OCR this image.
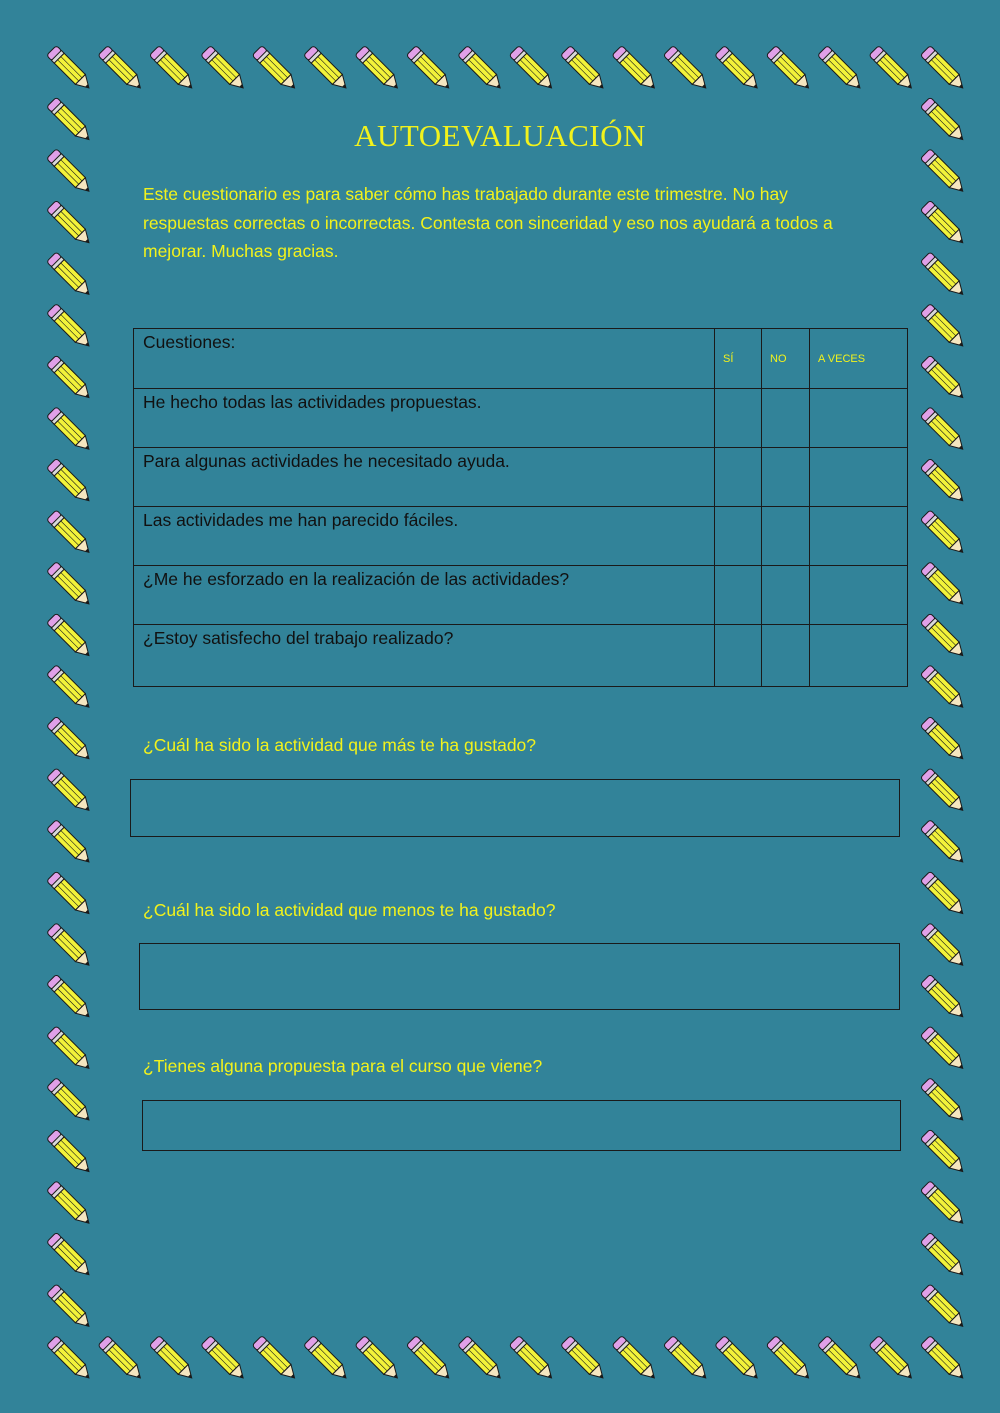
AUTOEVALUACIÓN
Este cuestionario es para saber cómo has trabajado durante este trimestre. No hay respuestas correctas o incorrectas. Contesta con sinceridad y eso nos ayudará a todos a mejorar. Muchas gracias.
Cuestiones:	SÍ	NO	A VECES
He hecho todas las actividades propuestas.			
Para algunas actividades he necesitado ayuda.			
Las actividades me han parecido fáciles.			
¿Me he esforzado en la realización de las actividades?			
¿Estoy satisfecho del trabajo realizado?			
¿Cuál ha sido la actividad que más te ha gustado?
¿Cuál ha sido la actividad que menos te ha gustado?
¿Tienes alguna propuesta para el curso que viene?
